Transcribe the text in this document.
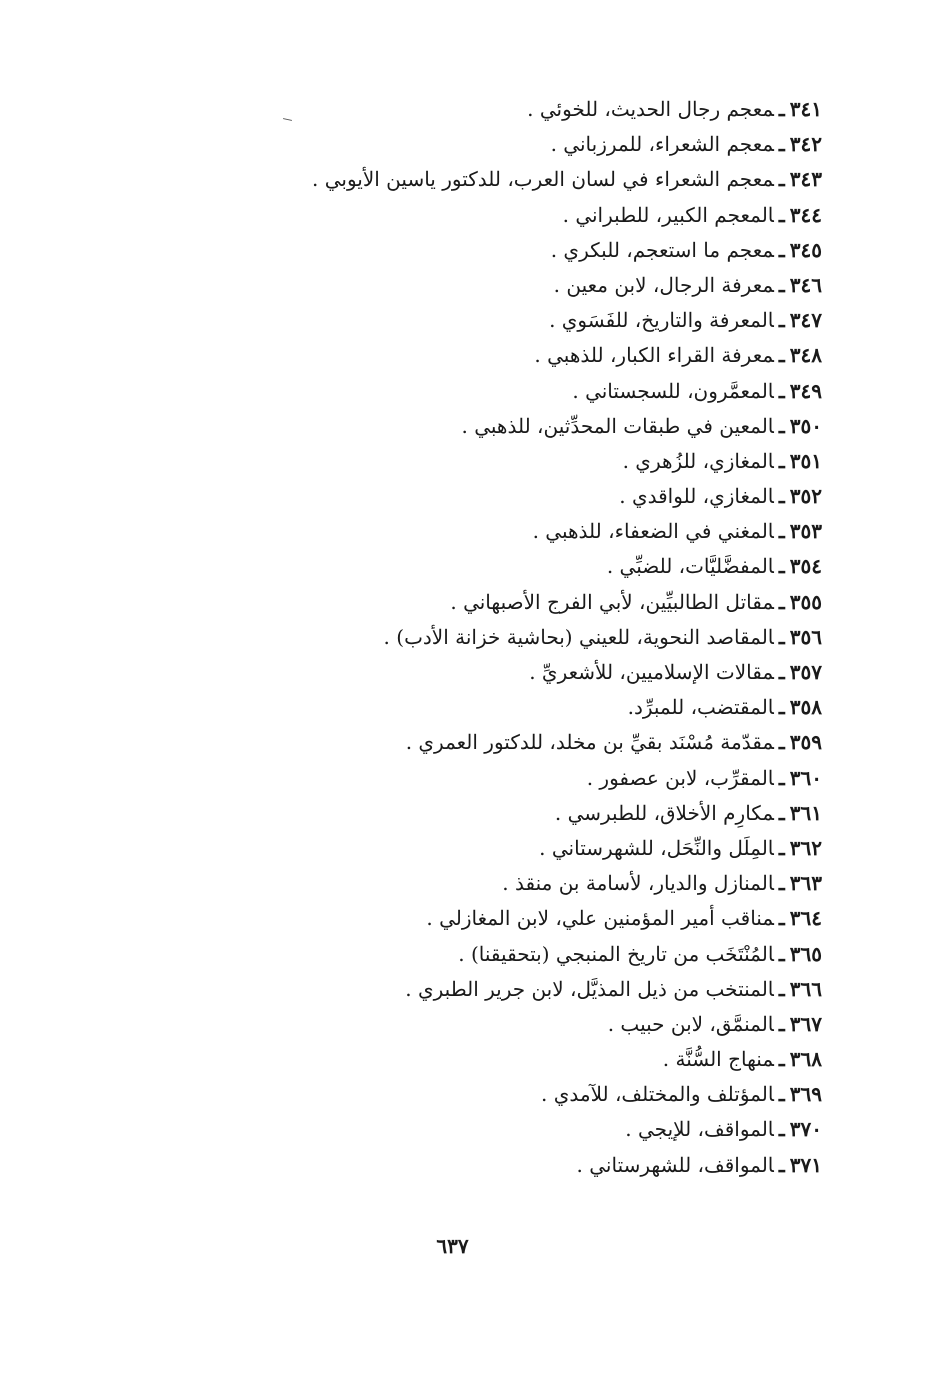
٣٤١ـمعجم رجال الحديث، للخوئي .
٣٤٢ـمعجم الشعراء، للمرزباني .
٣٤٣ـمعجم الشعراء في لسان العرب، للدكتور ياسين الأيوبي .
٣٤٤ـالمعجم الكبير، للطبراني .
٣٤٥ـمعجم ما استعجم، للبكري .
٣٤٦ـمعرفة الرجال، لابن معين .
٣٤٧ـالمعرفة والتاريخ، للفَسَوي .
٣٤٨ـمعرفة القراء الكبار، للذهبي .
٣٤٩ـالمعمَّرون، للسجستاني .
٣٥٠ـالمعين في طبقات المحدِّثين، للذهبي .
٣٥١ـالمغازي، للزُهري .
٣٥٢ـالمغازي، للواقدي .
٣٥٣ـالمغني في الضعفاء، للذهبي .
٣٥٤ـالمفضَّليَّات، للضبِّي .
٣٥٥ـمقاتل الطالبيِّين، لأبي الفرج الأصبهاني .
٣٥٦ـالمقاصد النحوية، للعيني (بحاشية خزانة الأدب) .
٣٥٧ـمقالات الإسلاميين، للأشعريِّ .
٣٥٨ـالمقتضب، للمبرِّد.
٣٥٩ـمقدّمة مُسْنَد بقيِّ بن مخلد، للدكتور العمري .
٣٦٠ـالمقرِّب، لابن عصفور .
٣٦١ـمكارِم الأخلاق، للطبرسي .
٣٦٢ـالمِلَل والنِّحَل، للشهرستاني .
٣٦٣ـالمنازل والديار، لأسامة بن منقذ .
٣٦٤ـمناقب أمير المؤمنين علي، لابن المغازلي .
٣٦٥ـالمُنْتَخَب من تاريخ المنبجي (بتحقيقنا) .
٣٦٦ـالمنتخب من ذيل المذيَّل، لابن جرير الطبري .
٣٦٧ـالمنمَّق، لابن حبيب .
٣٦٨ـمنهاج السُّنَّة .
٣٦٩ـالمؤتلف والمختلف، للآمدي .
٣٧٠ـالمواقف، للإيجي .
٣٧١ـالمواقف، للشهرستاني .
٦٣٧
